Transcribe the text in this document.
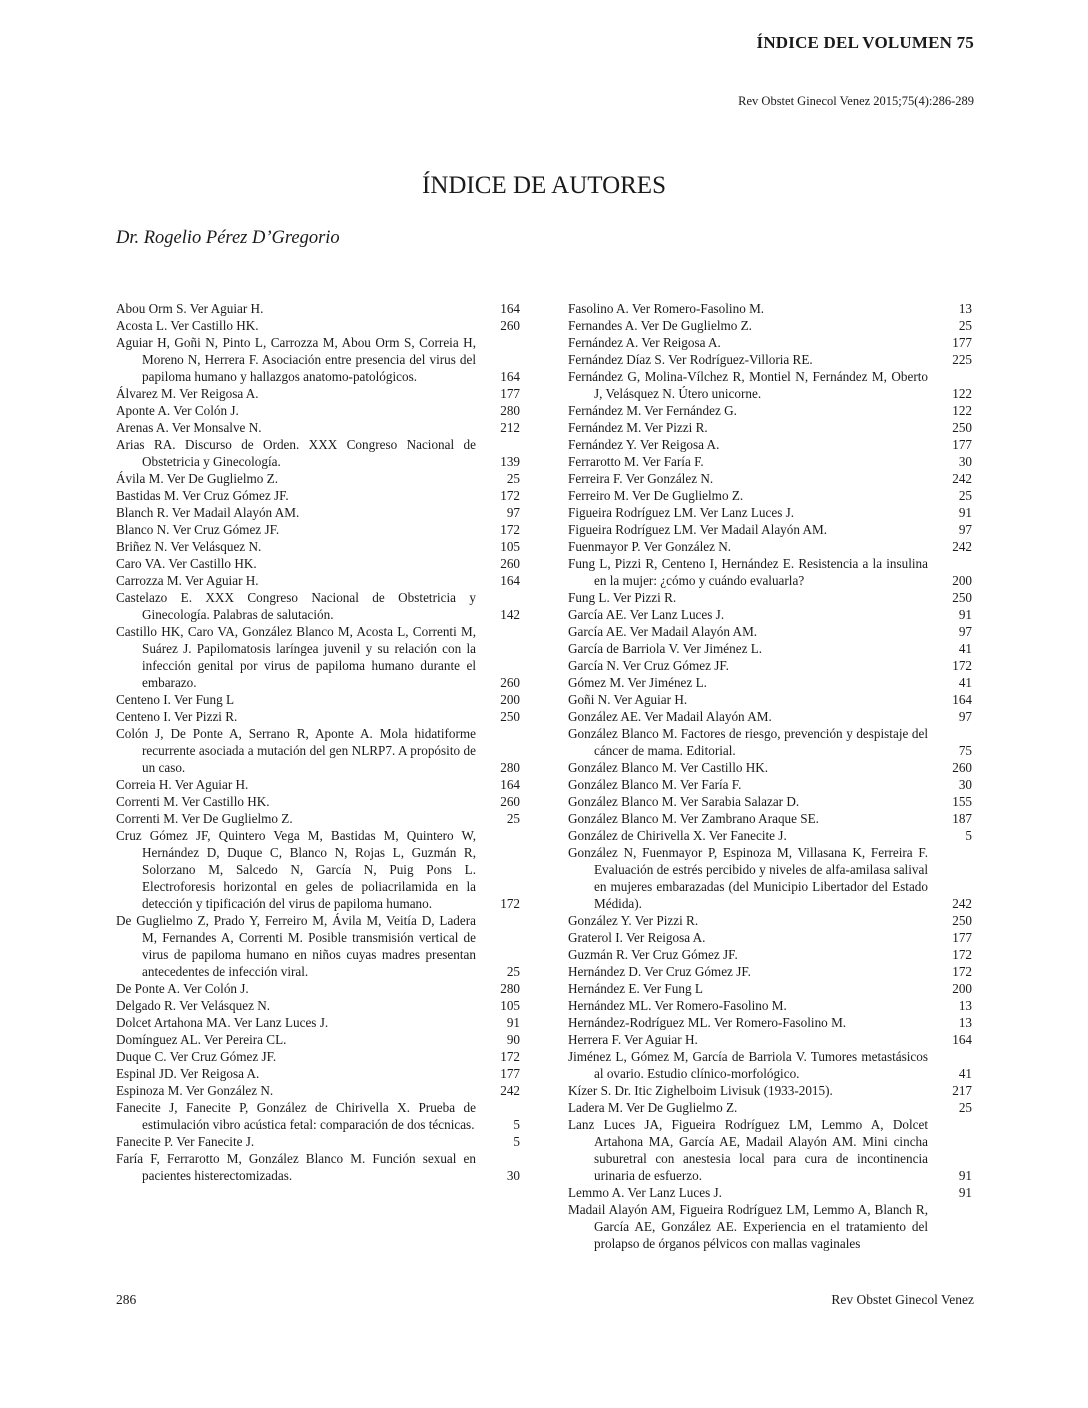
ÍNDICE DEL VOLUMEN 75
Rev Obstet Ginecol Venez 2015;75(4):286-289
ÍNDICE DE AUTORES
Dr. Rogelio Pérez D’Gregorio
Abou Orm S. Ver Aguiar H.	164
Acosta L. Ver Castillo HK.	260
Aguiar H, Goñi N, Pinto L, Carrozza M, Abou Orm S, Correia H, Moreno N, Herrera F. Asociación entre presencia del virus del papiloma humano y hallazgos anatomo-patológicos.	164
Álvarez M. Ver Reigosa A.	177
Aponte A. Ver Colón J.	280
Arenas A. Ver Monsalve N.	212
Arias RA. Discurso de Orden. XXX Congreso Nacional de Obstetricia y Ginecología.	139
Ávila M. Ver De Guglielmo Z.	25
Bastidas M. Ver Cruz Gómez JF.	172
Blanch R. Ver Madail Alayón AM.	97
Blanco N. Ver Cruz Gómez JF.	172
Briñez N. Ver Velásquez N.	105
Caro VA. Ver Castillo HK.	260
Carrozza M. Ver Aguiar H.	164
Castelazo E. XXX Congreso Nacional de Obstetricia y Ginecología. Palabras de salutación.	142
Castillo HK, Caro VA, González Blanco M, Acosta L, Correnti M, Suárez J. Papilomatosis laríngea juvenil y su relación con la infección genital por virus de papiloma humano durante el embarazo.	260
Centeno I. Ver Fung L	200
Centeno I. Ver Pizzi R.	250
Colón J, De Ponte A, Serrano R, Aponte A. Mola hidatiforme recurrente asociada a mutación del gen NLRP7. A propósito de un caso.	280
Correia H. Ver Aguiar H.	164
Correnti M. Ver Castillo HK.	260
Correnti M. Ver De Guglielmo Z.	25
Cruz Gómez JF, Quintero Vega M, Bastidas M, Quintero W, Hernández D, Duque C, Blanco N, Rojas L, Guzmán R, Solorzano M, Salcedo N, García N, Puig Pons L. Electroforesis horizontal en geles de poliacrilamida en la detección y tipificación del virus de papiloma humano.	172
De Guglielmo Z, Prado Y, Ferreiro M, Ávila M, Veitía D, Ladera M, Fernandes A, Correnti M. Posible transmisión vertical de virus de papiloma humano en niños cuyas madres presentan antecedentes de infección viral.	25
De Ponte A. Ver Colón J.	280
Delgado R. Ver Velásquez N.	105
Dolcet Artahona MA. Ver Lanz Luces J.	91
Domínguez AL. Ver Pereira CL.	90
Duque C. Ver Cruz Gómez JF.	172
Espinal JD. Ver Reigosa A.	177
Espinoza M. Ver González N.	242
Fanecite J, Fanecite P, González de Chirivella X. Prueba de estimulación vibro acústica fetal: comparación de dos técnicas.	5
Fanecite P. Ver Fanecite J.	5
Faría F, Ferrarotto M, González Blanco M. Función sexual en pacientes histerectomizadas.	30
Fasolino A. Ver Romero-Fasolino M.	13
Fernandes A. Ver De Guglielmo Z.	25
Fernández A. Ver Reigosa A.	177
Fernández Díaz S. Ver Rodríguez-Villoria RE.	225
Fernández G, Molina-Vílchez R, Montiel N, Fernández M, Oberto J, Velásquez N. Útero unicorne.	122
Fernández M. Ver Fernández G.	122
Fernández M. Ver Pizzi R.	250
Fernández Y. Ver Reigosa A.	177
Ferrarotto M. Ver Faría F.	30
Ferreira F. Ver González N.	242
Ferreiro M. Ver De Guglielmo Z.	25
Figueira Rodríguez LM. Ver Lanz Luces J.	91
Figueira Rodríguez LM. Ver Madail Alayón AM.	97
Fuenmayor P. Ver González N.	242
Fung L, Pizzi R, Centeno I, Hernández E. Resistencia a la insulina en la mujer: ¿cómo y cuándo evaluarla?	200
Fung L. Ver Pizzi R.	250
García AE. Ver Lanz Luces J.	91
García AE. Ver Madail Alayón AM.	97
García de Barriola V. Ver Jiménez L.	41
García N. Ver Cruz Gómez JF.	172
Gómez M. Ver Jiménez L.	41
Goñi N. Ver Aguiar H.	164
González AE. Ver Madail Alayón AM.	97
González Blanco M. Factores de riesgo, prevención y despistaje del cáncer de mama. Editorial.	75
González Blanco M. Ver Castillo HK.	260
González Blanco M. Ver Faría F.	30
González Blanco M. Ver Sarabia Salazar D.	155
González Blanco M. Ver Zambrano Araque SE.	187
González de Chirivella X. Ver Fanecite J.	5
González N, Fuenmayor P, Espinoza M, Villasana K, Ferreira F. Evaluación de estrés percibido y niveles de alfa-amilasa salival en mujeres embarazadas (del Municipio Libertador del Estado Médida).	242
González Y. Ver Pizzi R.	250
Graterol I. Ver Reigosa A.	177
Guzmán R. Ver Cruz Gómez JF.	172
Hernández D. Ver Cruz Gómez JF.	172
Hernández E. Ver Fung L	200
Hernández ML. Ver Romero-Fasolino M.	13
Hernández-Rodríguez ML. Ver Romero-Fasolino M.	13
Herrera F. Ver Aguiar H.	164
Jiménez L, Gómez M, García de Barriola V. Tumores metastásicos al ovario. Estudio clínico-morfológico.	41
Kízer S. Dr. Itic Zighelboim Livisuk (1933-2015).	217
Ladera M. Ver De Guglielmo Z.	25
Lanz Luces JA, Figueira Rodríguez LM, Lemmo A, Dolcet Artahona MA, García AE, Madail Alayón AM. Mini cincha suburetral con anestesia local para cura de incontinencia urinaria de esfuerzo.	91
Lemmo A. Ver Lanz Luces J.	91
Madail Alayón AM, Figueira Rodríguez LM, Lemmo A, Blanch R, García AE, González AE. Experiencia en el tratamiento del prolapso de órganos pélvicos con mallas vaginales
286	Rev Obstet Ginecol Venez
